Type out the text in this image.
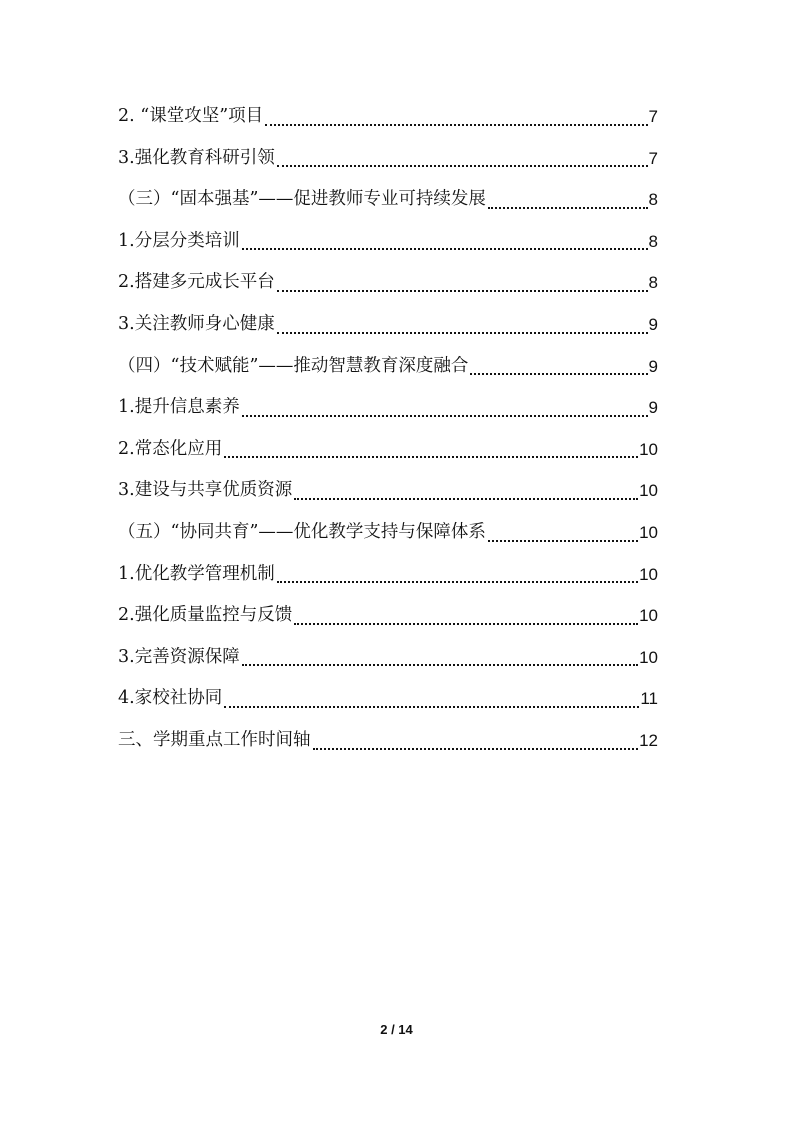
2. “课堂攻坚”项目	7
3.强化教育科研引领	7
（三）“固本强基”——促进教师专业可持续发展	8
1.分层分类培训	8
2.搭建多元成长平台	8
3.关注教师身心健康	9
（四）“技术赋能”——推动智慧教育深度融合	9
1.提升信息素养	9
2.常态化应用	10
3.建设与共享优质资源	10
（五）“协同共育”——优化教学支持与保障体系	10
1.优化教学管理机制	10
2.强化质量监控与反馈	10
3.完善资源保障	10
4.家校社协同	11
三、学期重点工作时间轴	12
2 / 14
